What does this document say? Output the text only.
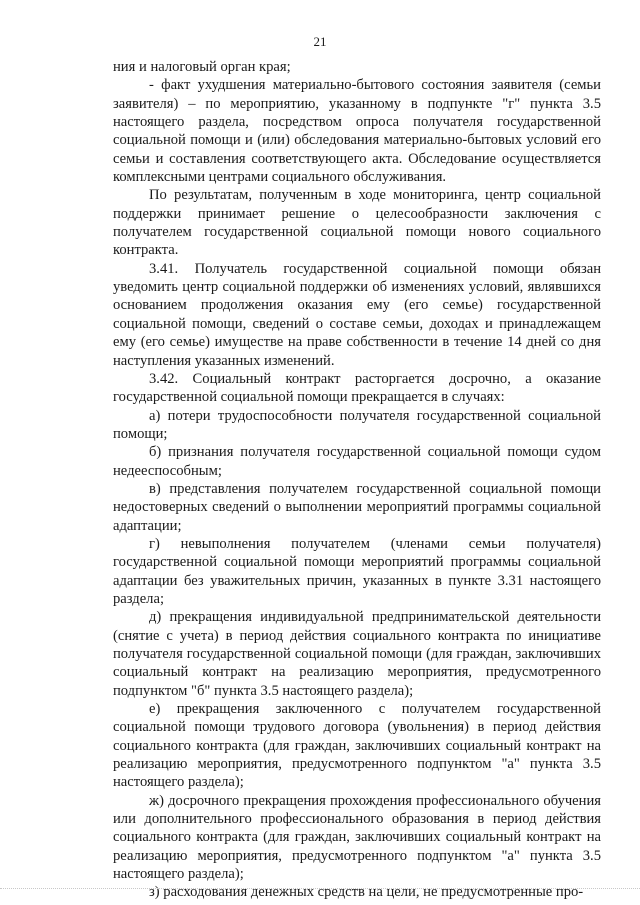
21

ния и налоговый орган края;

- факт ухудшения материально-бытового состояния заявителя (семьи заявителя) – по мероприятию, указанному в подпункте "г" пункта 3.5 настоящего раздела, посредством опроса получателя государственной социальной помощи и (или) обследования материально-бытовых условий его семьи и составления соответствующего акта. Обследование осуществляется комплексными центрами социального обслуживания.

По результатам, полученным в ходе мониторинга, центр социальной поддержки принимает решение о целесообразности заключения с получателем государственной социальной помощи нового социального контракта.

3.41. Получатель государственной социальной помощи обязан уведомить центр социальной поддержки об изменениях условий, являвшихся основанием продолжения оказания ему (его семье) государственной социальной помощи, сведений о составе семьи, доходах и принадлежащем ему (его семье) имуществе на праве собственности в течение 14 дней со дня наступления указанных изменений.

3.42. Социальный контракт расторгается досрочно, а оказание государственной социальной помощи прекращается в случаях:

а) потери трудоспособности получателя государственной социальной помощи;

б) признания получателя государственной социальной помощи судом недееспособным;

в) представления получателем государственной социальной помощи недостоверных сведений о выполнении мероприятий программы социальной адаптации;

г) невыполнения получателем (членами семьи получателя) государственной социальной помощи мероприятий программы социальной адаптации без уважительных причин, указанных в пункте 3.31 настоящего раздела;

д) прекращения индивидуальной предпринимательской деятельности (снятие с учета) в период действия социального контракта по инициативе получателя государственной социальной помощи (для граждан, заключивших социальный контракт на реализацию мероприятия, предусмотренного подпунктом "б" пункта 3.5 настоящего раздела);

е) прекращения заключенного с получателем государственной социальной помощи трудового договора (увольнения) в период действия социального контракта (для граждан, заключивших социальный контракт на реализацию мероприятия, предусмотренного подпунктом "а" пункта 3.5 настоящего раздела);

ж) досрочного прекращения прохождения профессионального обучения или дополнительного профессионального образования в период действия социального контракта (для граждан, заключивших социальный контракт на реализацию мероприятия, предусмотренного подпунктом "а" пункта 3.5 настоящего раздела);

з) расходования денежных средств на цели, не предусмотренные про-
